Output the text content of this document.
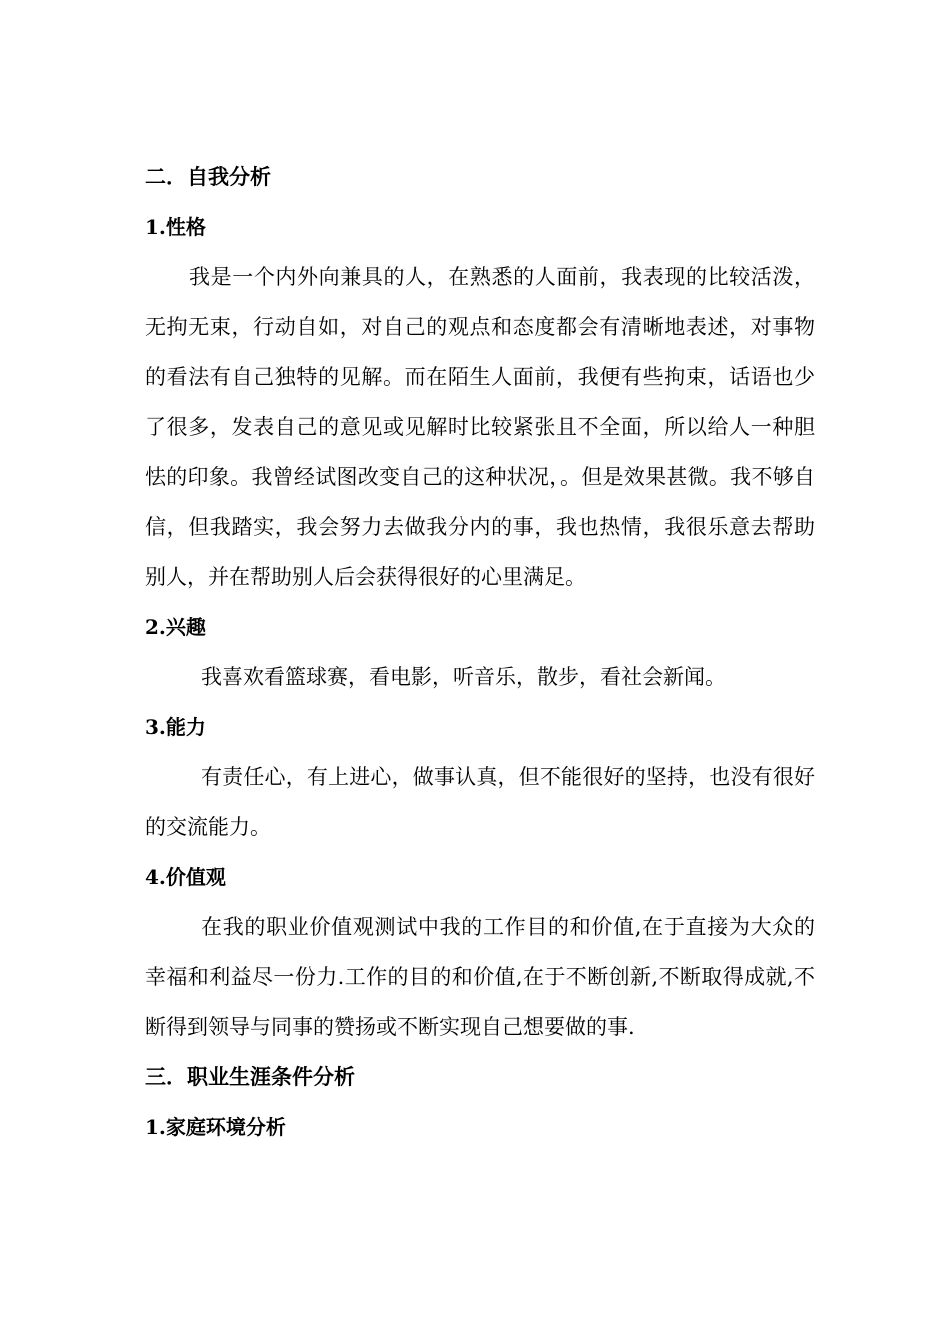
二．自我分析
1.性格

我是一个内外向兼具的人，在熟悉的人面前，我表现的比较活泼，无拘无束，行动自如，对自己的观点和态度都会有清晰地表述，对事物的看法有自己独特的见解。而在陌生人面前，我便有些拘束，话语也少了很多，发表自己的意见或见解时比较紧张且不全面，所以给人一种胆怯的印象。我曾经试图改变自己的这种状况，。但是效果甚微。我不够自信，但我踏实，我会努力去做我分内的事，我也热情，我很乐意去帮助别人，并在帮助别人后会获得很好的心里满足。

2.兴趣

我喜欢看篮球赛，看电影，听音乐，散步，看社会新闻。

3.能力

有责任心，有上进心，做事认真，但不能很好的坚持，也没有很好的交流能力。

4.价值观

在我的职业价值观测试中我的工作目的和价值,在于直接为大众的幸福和利益尽一份力.工作的目的和价值,在于不断创新,不断取得成就,不断得到领导与同事的赞扬或不断实现自己想要做的事.

三．职业生涯条件分析
1.家庭环境分析
